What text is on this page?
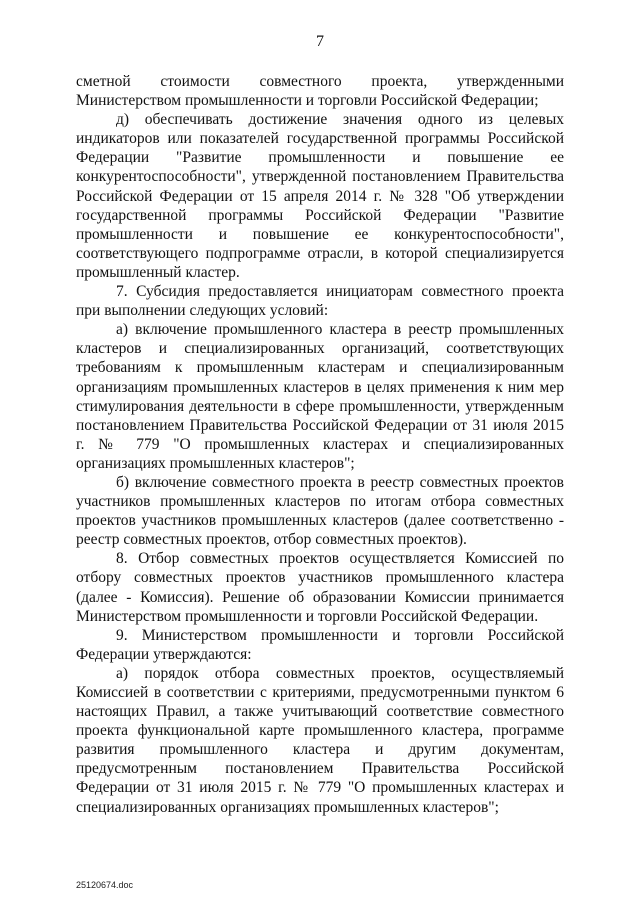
7

сметной стоимости совместного проекта, утвержденными Министерством промышленности и торговли Российской Федерации;

д) обеспечивать достижение значения одного из целевых индикаторов или показателей государственной программы Российской Федерации "Развитие промышленности и повышение ее конкурентоспособности", утвержденной постановлением Правительства Российской Федерации от 15 апреля 2014 г. № 328 "Об утверждении государственной программы Российской Федерации "Развитие промышленности и повышение ее конкурентоспособности", соответствующего подпрограмме отрасли, в которой специализируется промышленный кластер.

7. Субсидия предоставляется инициаторам совместного проекта при выполнении следующих условий:

а) включение промышленного кластера в реестр промышленных кластеров и специализированных организаций, соответствующих требованиям к промышленным кластерам и специализированным организациям промышленных кластеров в целях применения к ним мер стимулирования деятельности в сфере промышленности, утвержденным постановлением Правительства Российской Федерации от 31 июля 2015 г. № 779 "О промышленных кластерах и специализированных организациях промышленных кластеров";

б) включение совместного проекта в реестр совместных проектов участников промышленных кластеров по итогам отбора совместных проектов участников промышленных кластеров (далее соответственно - реестр совместных проектов, отбор совместных проектов).

8. Отбор совместных проектов осуществляется Комиссией по отбору совместных проектов участников промышленного кластера (далее - Комиссия). Решение об образовании Комиссии принимается Министерством промышленности и торговли Российской Федерации.

9. Министерством промышленности и торговли Российской Федерации утверждаются:

а) порядок отбора совместных проектов, осуществляемый Комиссией в соответствии с критериями, предусмотренными пунктом 6 настоящих Правил, а также учитывающий соответствие совместного проекта функциональной карте промышленного кластера, программе развития промышленного кластера и другим документам, предусмотренным постановлением Правительства Российской Федерации от 31 июля 2015 г. № 779 "О промышленных кластерах и специализированных организациях промышленных кластеров";

25120674.doc
